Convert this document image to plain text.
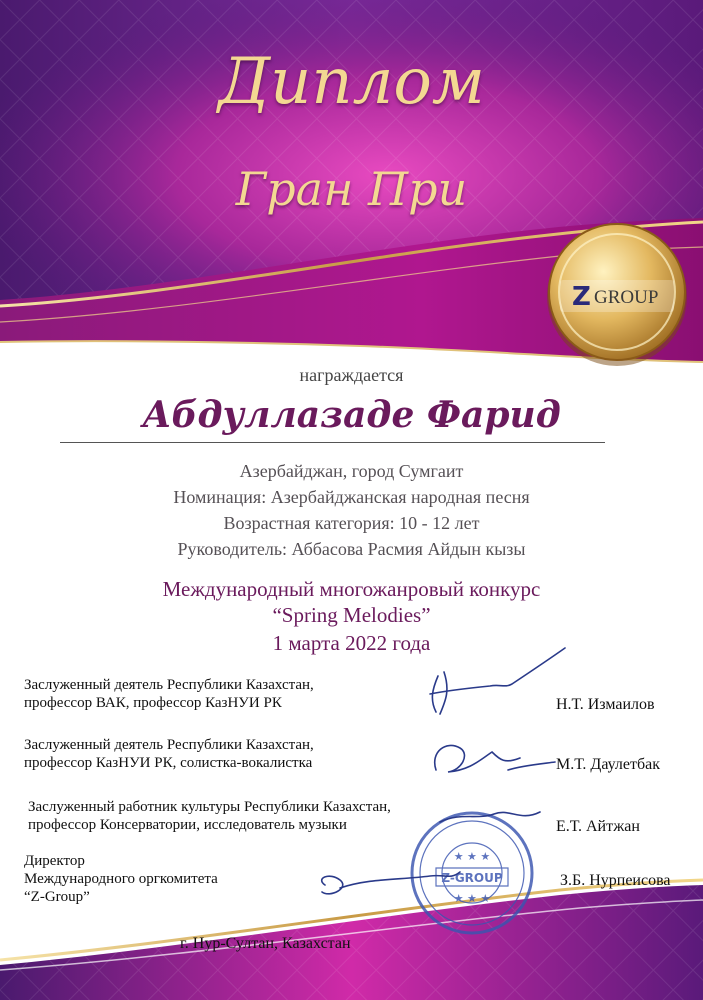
Z GROUP
Z-GROUP
★ ★ ★
★ ★ ★
Диплом
Гран При
награждается
Абдуллазаде Фарид
Азербайджан, город Сумгаит
Номинация: Азербайджанская народная песня
Возрастная категория: 10 - 12 лет
Руководитель: Аббасова Расмия Айдын кызы
Международный многожанровый конкурс
“Spring Melodies”
1 марта 2022 года
Заслуженный деятель Республики Казахстан,
профессор ВАК, профессор КазНУИ РК	Н.Т. Измаилов
Заслуженный деятель Республики Казахстан,
профессор КазНУИ РК, солистка-вокалистка	М.Т. Даулетбак
Заслуженный работник культуры Республики Казахстан,
профессор Консерватории, исследователь музыки	Е.Т. Айтжан
Директор
Международного оргкомитета
“Z-Group”
З.Б. Нурпеисова
г. Нур-Султан, Казахстан
